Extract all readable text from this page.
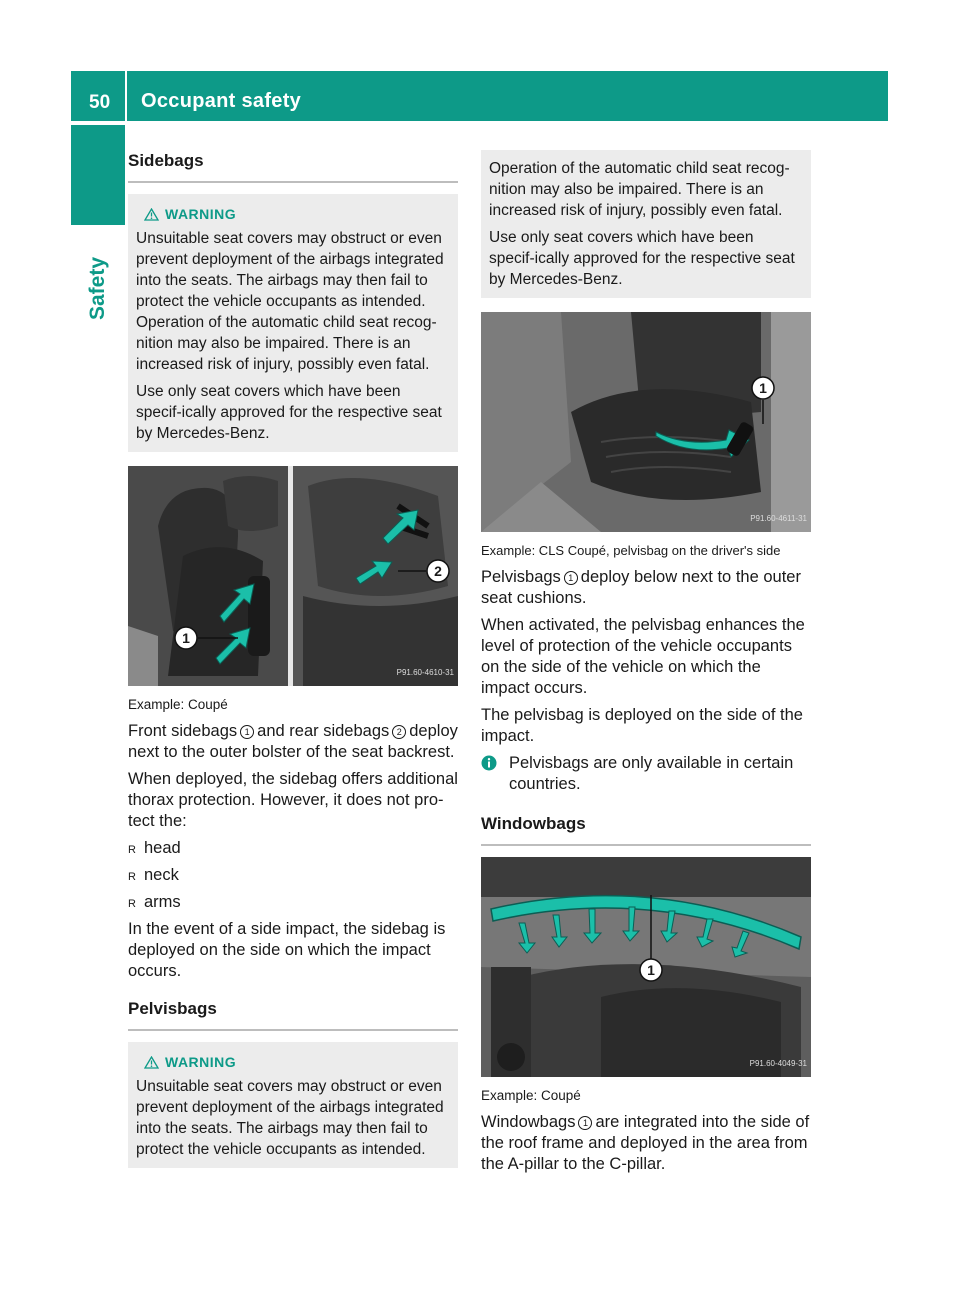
50 Occupant safety
Safety
Sidebags
WARNING

Unsuitable seat covers may obstruct or even prevent deployment of the airbags integrated into the seats. The airbags may then fail to protect the vehicle occupants as intended. Operation of the automatic child seat recog-nition may also be impaired. There is an increased risk of injury, possibly even fatal.

Use only seat covers which have been specif-ically approved for the respective seat by Mercedes-Benz.

1
2
P91.60-4610-31
Example: Coupé

Front sidebags 1 and rear sidebags 2 deploy next to the outer bolster of the seat backrest.

When deployed, the sidebag offers additional thorax protection. However, it does not pro-tect the:

R head
R neck
R arms

In the event of a side impact, the sidebag is deployed on the side on which the impact occurs.

Pelvisbags
WARNING

Unsuitable seat covers may obstruct or even prevent deployment of the airbags integrated into the seats. The airbags may then fail to protect the vehicle occupants as intended.

Operation of the automatic child seat recog-nition may also be impaired. There is an increased risk of injury, possibly even fatal.

Use only seat covers which have been specif-ically approved for the respective seat by Mercedes-Benz.

1
P91.60-4611-31
Example: CLS Coupé, pelvisbag on the driver's side

Pelvisbags 1 deploy below next to the outer seat cushions.

When activated, the pelvisbag enhances the level of protection of the vehicle occupants on the side of the vehicle on which the impact occurs.

The pelvisbag is deployed on the side of the impact.

Pelvisbags are only available in certain countries.
Windowbags
1
P91.60-4049-31
Example: Coupé

Windowbags 1 are integrated into the side of the roof frame and deployed in the area from the A-pillar to the C-pillar.
